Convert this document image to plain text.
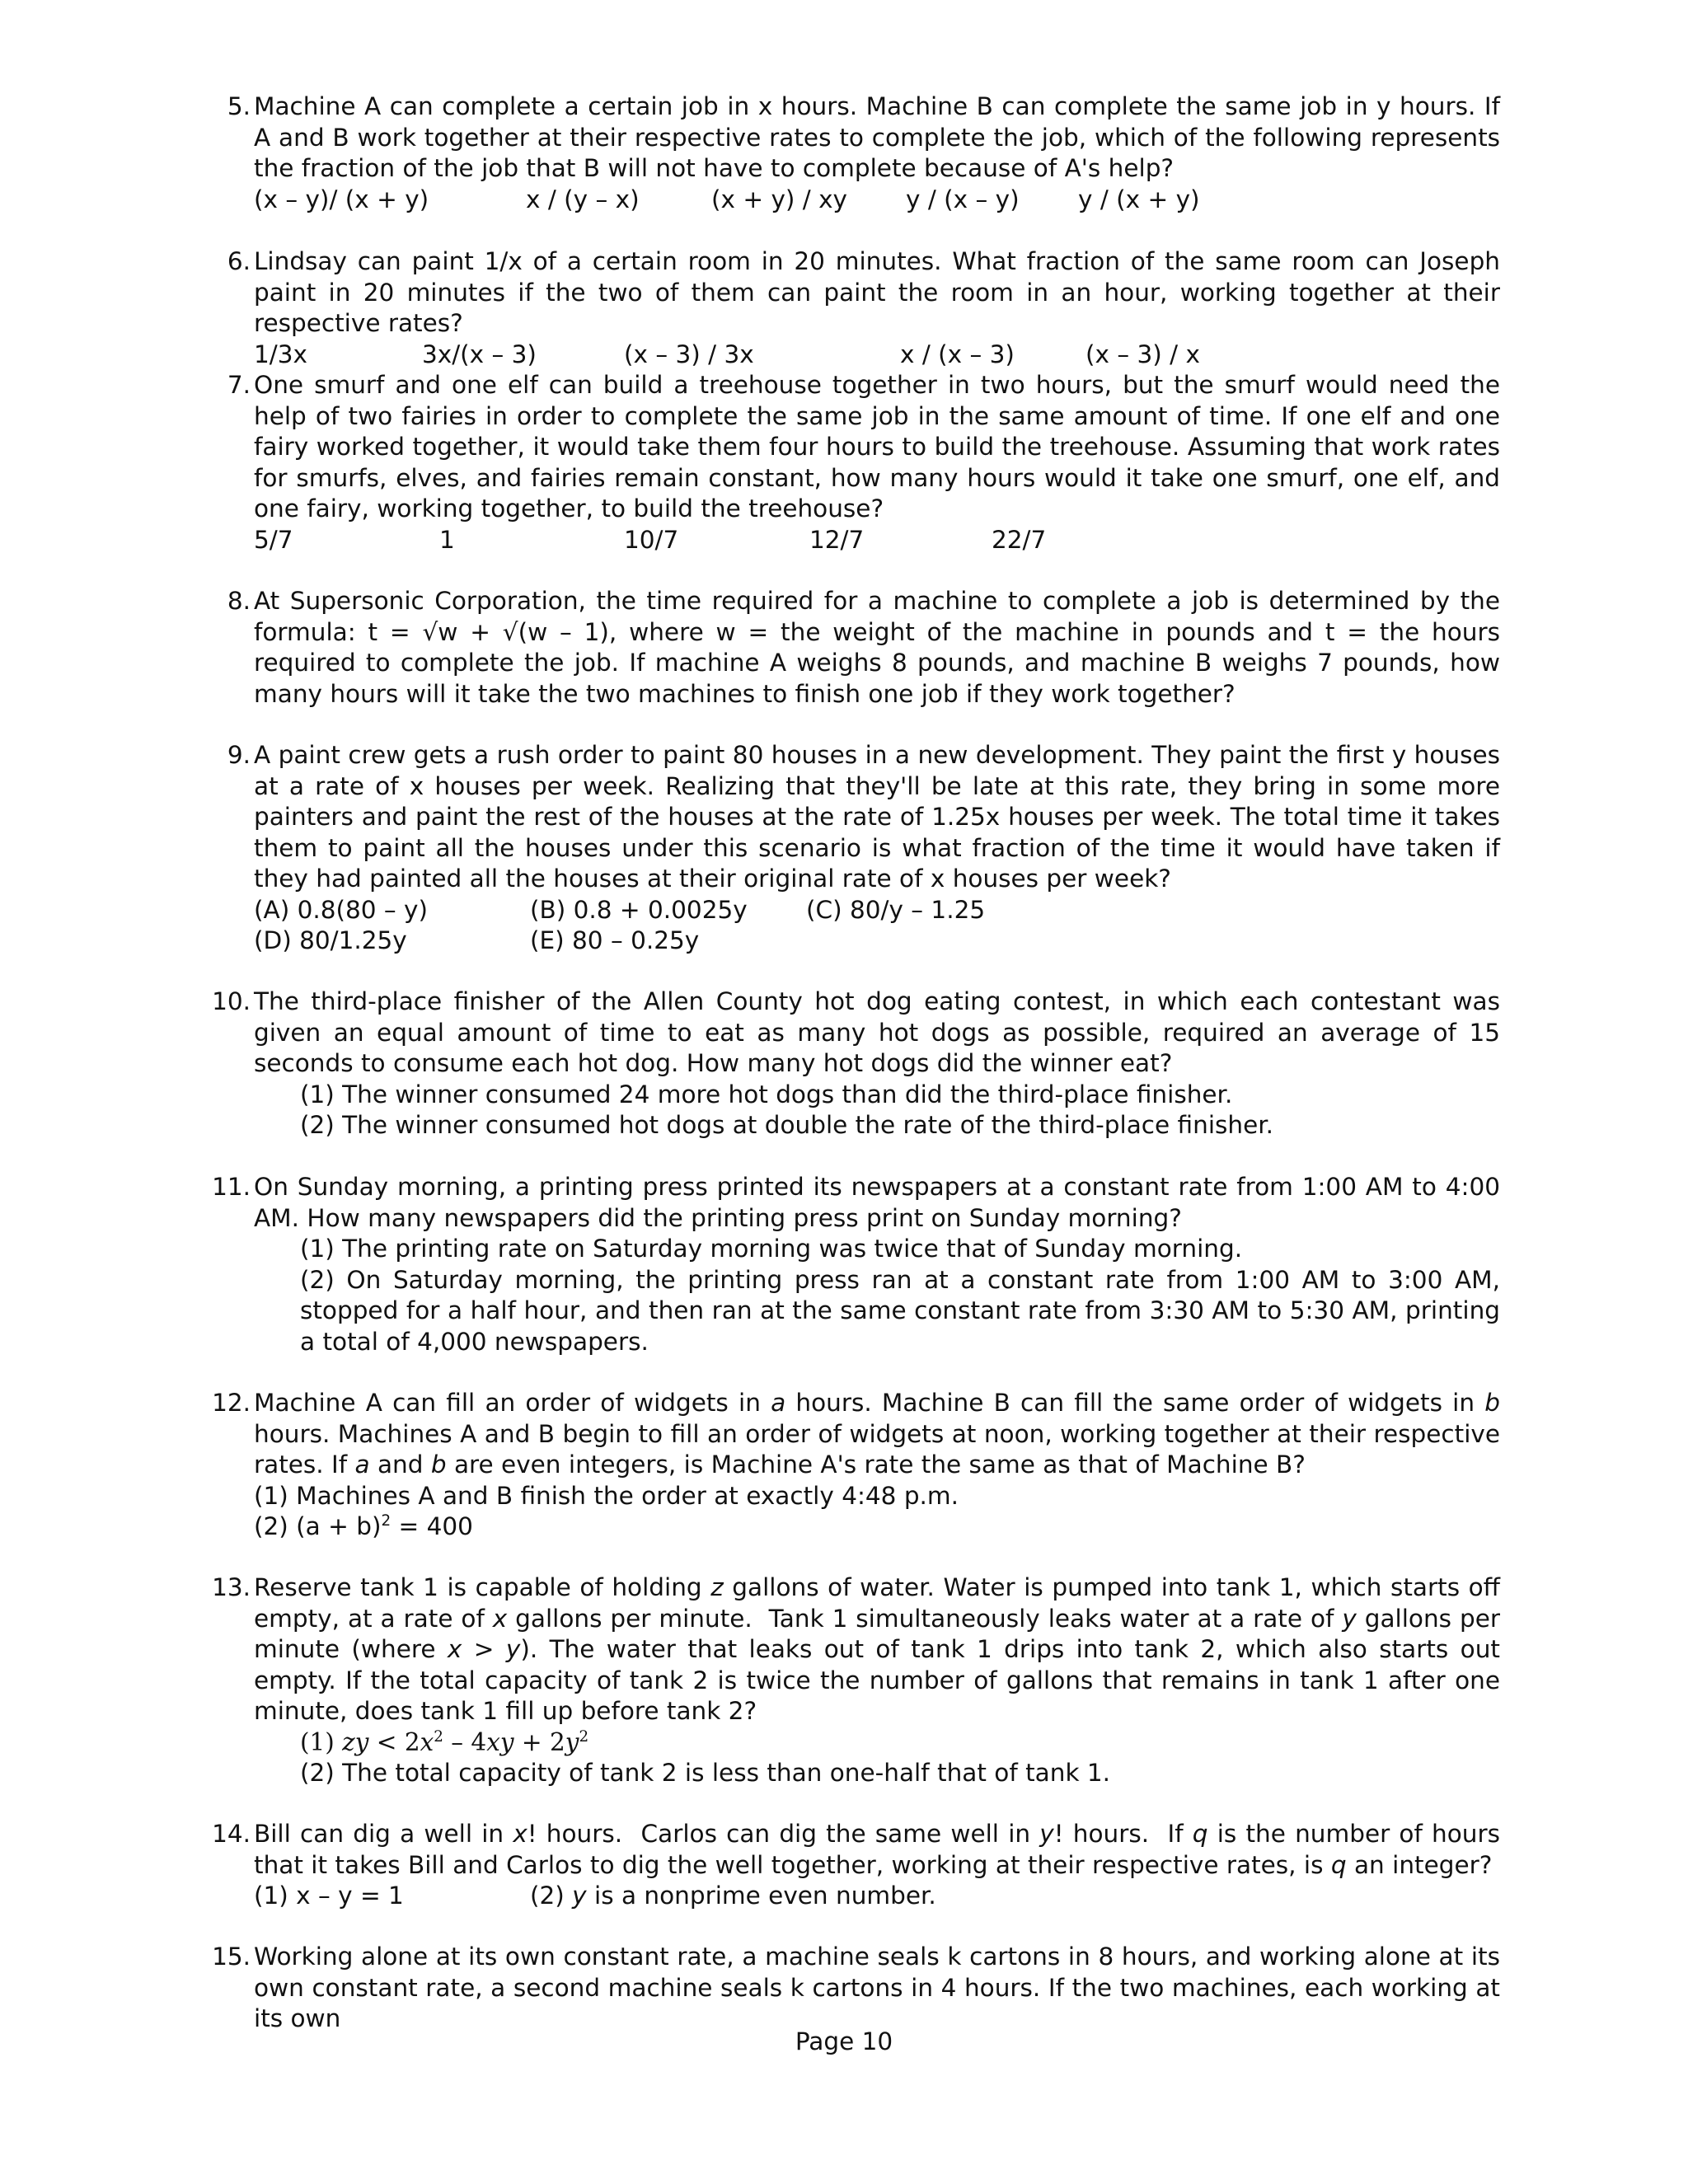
5. Machine A can complete a certain job in x hours. Machine B can complete the same job in y hours. If A and B work together at their respective rates to complete the job, which of the following represents the fraction of the job that B will not have to complete because of A's help?
(x – y)/ (x + y)	x / (y – x)	(x + y) / xy	y / (x – y)	y / (x + y)
6. Lindsay can paint 1/x of a certain room in 20 minutes. What fraction of the same room can Joseph paint in 20 minutes if the two of them can paint the room in an hour, working together at their respective rates?
1/3x	3x/(x – 3)	(x – 3) / 3x	x / (x – 3)	(x – 3) / x
7. One smurf and one elf can build a treehouse together in two hours, but the smurf would need the help of two fairies in order to complete the same job in the same amount of time. If one elf and one fairy worked together, it would take them four hours to build the treehouse. Assuming that work rates for smurfs, elves, and fairies remain constant, how many hours would it take one smurf, one elf, and one fairy, working together, to build the treehouse?
5/7	1	10/7	12/7	22/7
8. At Supersonic Corporation, the time required for a machine to complete a job is determined by the formula: t = √w + √(w – 1), where w = the weight of the machine in pounds and t = the hours required to complete the job. If machine A weighs 8 pounds, and machine B weighs 7 pounds, how many hours will it take the two machines to finish one job if they work together?
9. A paint crew gets a rush order to paint 80 houses in a new development. They paint the first y houses at a rate of x houses per week. Realizing that they'll be late at this rate, they bring in some more painters and paint the rest of the houses at the rate of 1.25x houses per week. The total time it takes them to paint all the houses under this scenario is what fraction of the time it would have taken if they had painted all the houses at their original rate of x houses per week?
(A) 0.8(80 – y)	(B) 0.8 + 0.0025y	(C) 80/y – 1.25
(D) 80/1.25y	(E) 80 – 0.25y
10. The third-place finisher of the Allen County hot dog eating contest, in which each contestant was given an equal amount of time to eat as many hot dogs as possible, required an average of 15 seconds to consume each hot dog. How many hot dogs did the winner eat?
(1) The winner consumed 24 more hot dogs than did the third-place finisher.
(2) The winner consumed hot dogs at double the rate of the third-place finisher.
11. On Sunday morning, a printing press printed its newspapers at a constant rate from 1:00 AM to 4:00 AM. How many newspapers did the printing press print on Sunday morning?
(1) The printing rate on Saturday morning was twice that of Sunday morning.
(2) On Saturday morning, the printing press ran at a constant rate from 1:00 AM to 3:00 AM, stopped for a half hour, and then ran at the same constant rate from 3:30 AM to 5:30 AM, printing a total of 4,000 newspapers.
12. Machine A can fill an order of widgets in a hours. Machine B can fill the same order of widgets in b hours. Machines A and B begin to fill an order of widgets at noon, working together at their respective rates. If a and b are even integers, is Machine A's rate the same as that of Machine B?
(1) Machines A and B finish the order at exactly 4:48 p.m.
(2) $(a + b)^2 = 400$
13. Reserve tank 1 is capable of holding z gallons of water. Water is pumped into tank 1, which starts off empty, at a rate of x gallons per minute.  Tank 1 simultaneously leaks water at a rate of y gallons per minute (where x > y). The water that leaks out of tank 1 drips into tank 2, which also starts out empty. If the total capacity of tank 2 is twice the number of gallons that remains in tank 1 after one minute, does tank 1 fill up before tank 2?
(1) zy < $2x^2 - 4xy + 2y^2$
(2) The total capacity of tank 2 is less than one-half that of tank 1.
14. Bill can dig a well in x! hours.  Carlos can dig the same well in y! hours.  If q is the number of hours that it takes Bill and Carlos to dig the well together, working at their respective rates, is q an integer?
(1) x – y = 1	(2) y is a nonprime even number.
15. Working alone at its own constant rate, a machine seals k cartons in 8 hours, and working alone at its own constant rate, a second machine seals k cartons in 4 hours. If the two machines, each working at its own
Page 10
